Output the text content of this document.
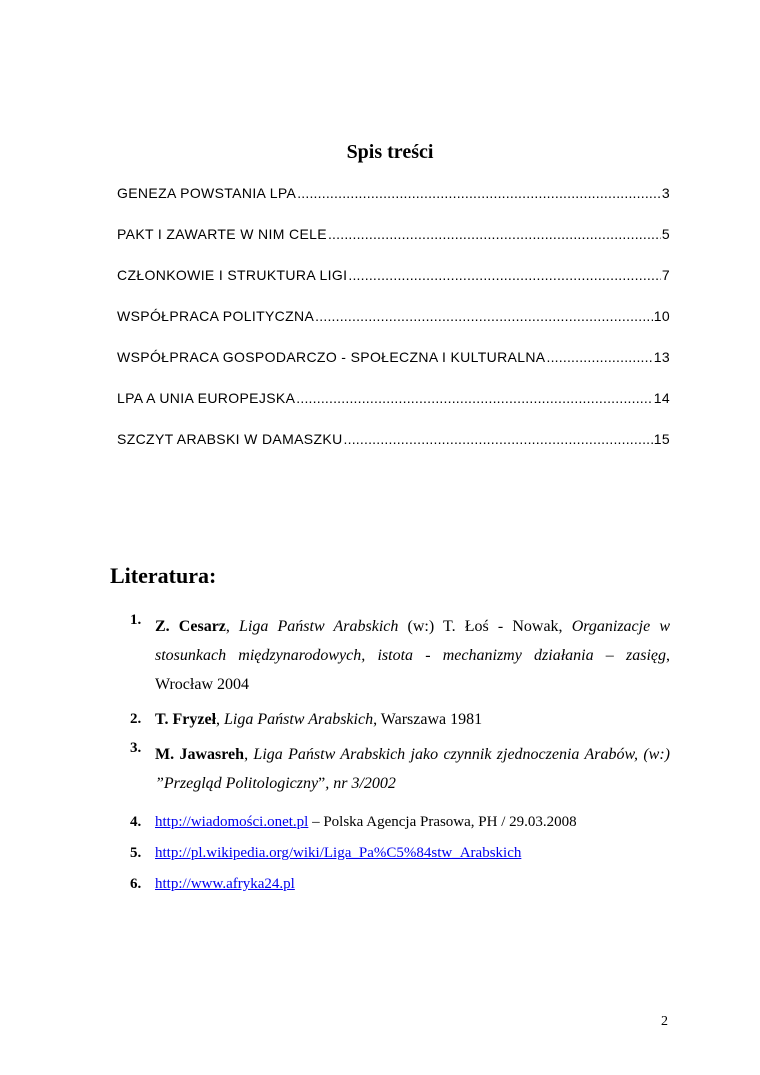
Spis treści
GENEZA POWSTANIA LPA .....	3
PAKT I ZAWARTE W NIM CELE .....	5
CZŁONKOWIE I STRUKTURA LIGI .....	7
WSPÓŁPRACA POLITYCZNA .....	10
WSPÓŁPRACA GOSPODARCZO - SPOŁECZNA I KULTURALNA .....	13
LPA A UNIA EUROPEJSKA .....	14
SZCZYT ARABSKI W DAMASZKU .....	15
Literatura:
1. Z. Cesarz, Liga Państw Arabskich (w:) T. Łoś - Nowak, Organizacje w stosunkach międzynarodowych, istota - mechanizmy działania – zasięg, Wrocław 2004
2. T. Fryzeł, Liga Państw Arabskich, Warszawa 1981
3. M. Jawasreh, Liga Państw Arabskich jako czynnik zjednoczenia Arabów, (w:) ”Przegląd Politologiczny”, nr 3/2002
4. http://wiadomości.onet.pl – Polska Agencja Prasowa, PH / 29.03.2008
5. http://pl.wikipedia.org/wiki/Liga_Pa%C5%84stw_Arabskich
6. http://www.afryka24.pl
2
